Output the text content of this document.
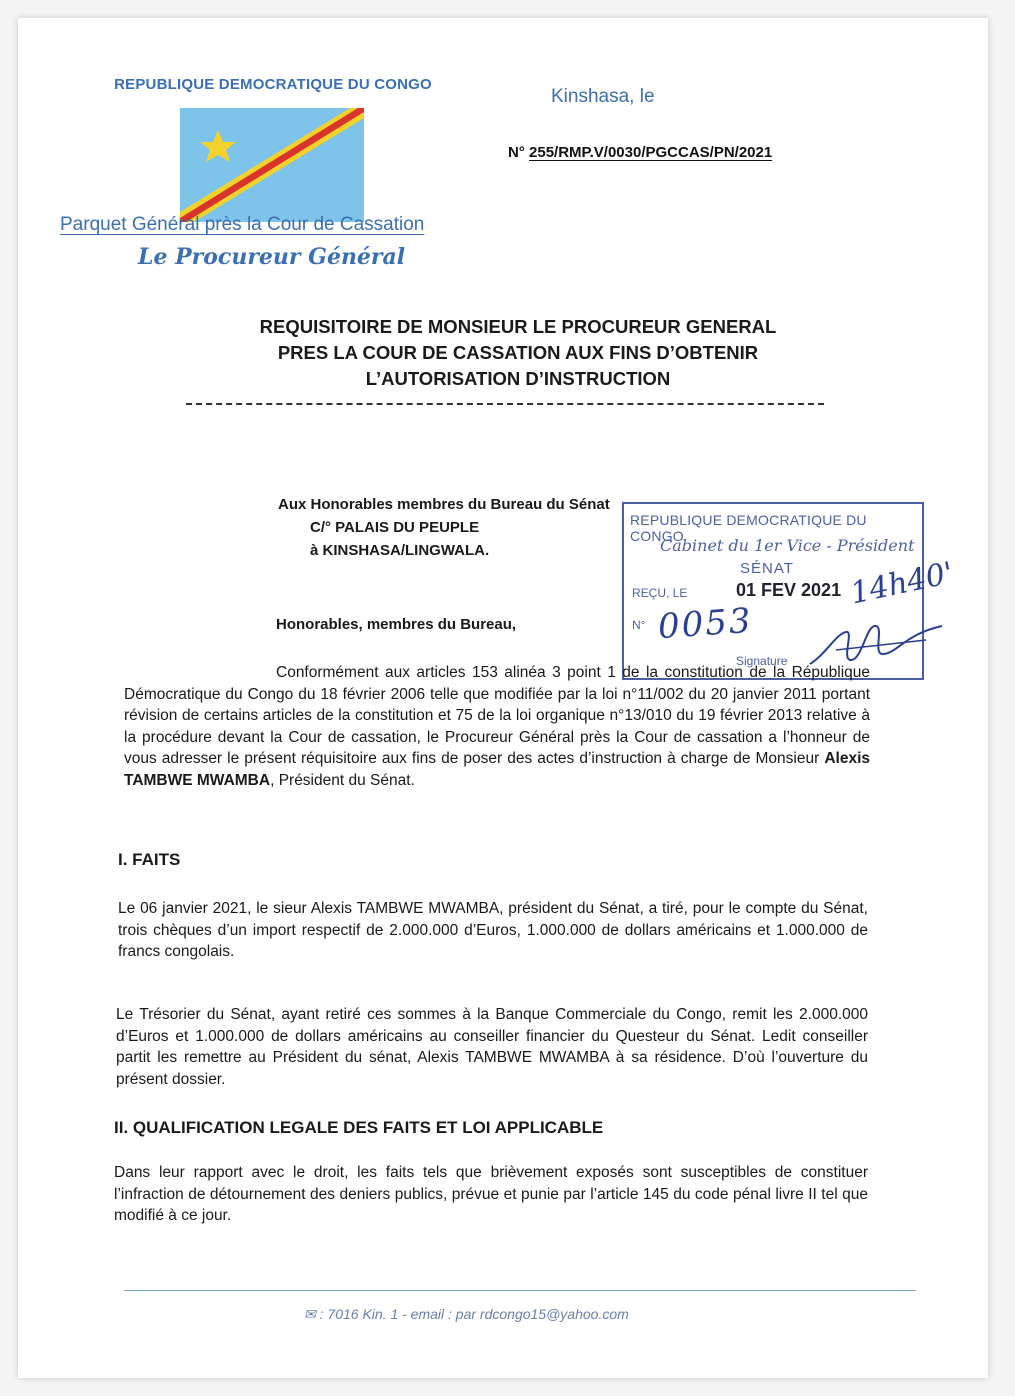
REPUBLIQUE DEMOCRATIQUE DU CONGO
Parquet Général près la Cour de Cassation
Le Procureur Général
Kinshasa, le
N° 255/RMP.V/0030/PGCCAS/PN/2021
REQUISITOIRE DE MONSIEUR LE PROCUREUR GENERAL
PRES LA COUR DE CASSATION AUX FINS D’OBTENIR
L’AUTORISATION D’INSTRUCTION
Aux Honorables membres du Bureau du Sénat
C/° PALAIS DU PEUPLE
à KINSHASA/LINGWALA.
REPUBLIQUE DEMOCRATIQUE DU CONGO
Cabinet du 1er Vice - Président
SÉNAT
REÇU, LE	01 FEV 2021
N°
Signature
14h40'
0053
Honorables, membres du Bureau,
Conformément aux articles 153 alinéa 3 point 1 de la constitution de la République Démocratique du Congo du 18 février 2006 telle que modifiée par la loi n°11/002 du 20 janvier 2011 portant révision de certains articles de la constitution et 75 de la loi organique n°13/010 du 19 février 2013 relative à la procédure devant la Cour de cassation, le Procureur Général près la Cour de cassation a l’honneur de vous adresser le présent réquisitoire aux fins de poser des actes d’instruction à charge de Monsieur Alexis TAMBWE MWAMBA, Président du Sénat.
I. FAITS
Le 06 janvier 2021, le sieur Alexis TAMBWE MWAMBA, président du Sénat, a tiré, pour le compte du Sénat, trois chèques d’un import respectif de 2.000.000 d’Euros, 1.000.000 de dollars américains et 1.000.000 de francs congolais.
Le Trésorier du Sénat, ayant retiré ces sommes à la Banque Commerciale du Congo, remit les 2.000.000 d’Euros et 1.000.000 de dollars américains au conseiller financier du Questeur du Sénat. Ledit conseiller partit les remettre au Président du sénat, Alexis TAMBWE MWAMBA à sa résidence. D’où l’ouverture du présent dossier.
II. QUALIFICATION LEGALE DES FAITS ET LOI APPLICABLE
Dans leur rapport avec le droit, les faits tels que brièvement exposés sont susceptibles de constituer l’infraction de détournement des deniers publics, prévue et punie par l’article 145 du code pénal livre II tel que modifié à ce jour.
✉ : 7016 Kin. 1 - email : par rdcongo15@yahoo.com
